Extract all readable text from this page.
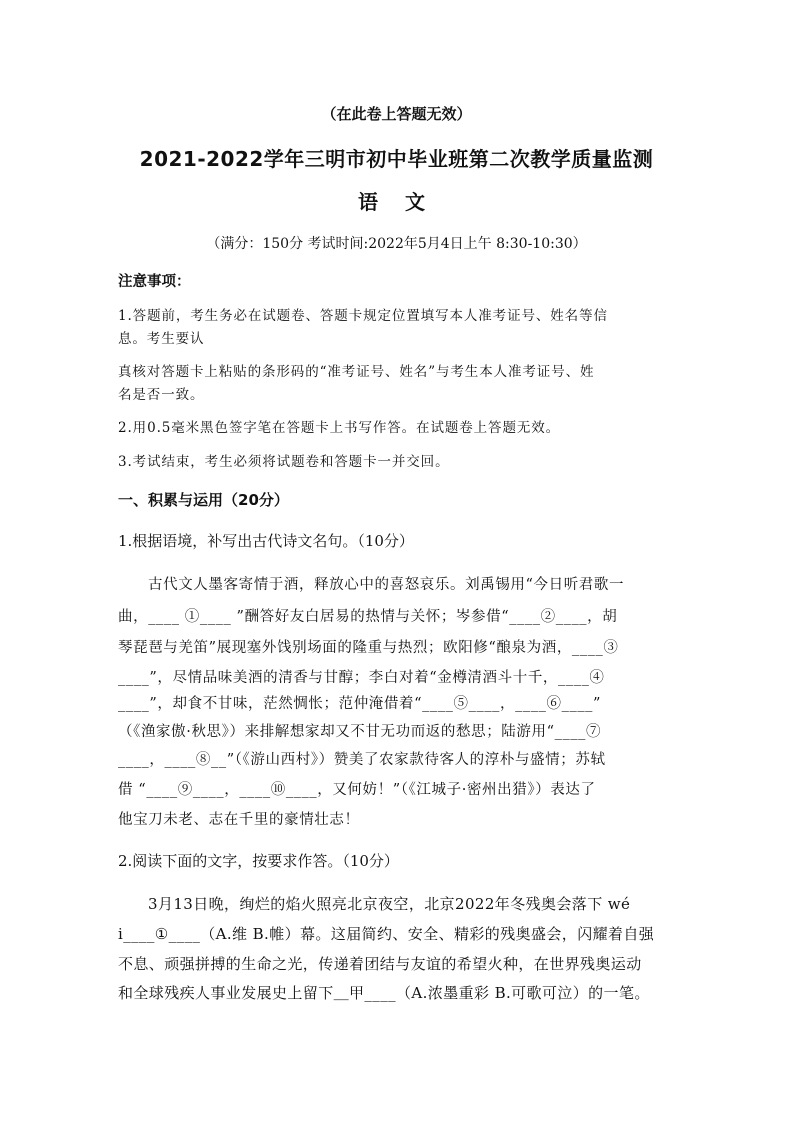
（在此卷上答题无效）
2021-2022学年三明市初中毕业班第二次教学质量监测
语 文
（满分：150分 考试时间:2022年5月4日上午 8:30-10:30）
注意事项：
1.答题前，考生务必在试题卷、答题卡规定位置填写本人准考证号、姓名等信
息。考生要认
真核对答题卡上粘贴的条形码的“准考证号、姓名”与考生本人准考证号、姓
名是否一致。
2.用0.5毫米黑色签字笔在答题卡上书写作答。在试题卷上答题无效。
3.考试结束，考生必须将试题卷和答题卡一并交回。
一、积累与运用（20分）
1.根据语境，补写出古代诗文名句。（10分）
古代文人墨客寄情于酒，释放心中的喜怒哀乐。刘禹锡用“今日听君歌一
曲，____ ①____ ”酬答好友白居易的热情与关怀；岑参借“____②____，胡
琴琵琶与羌笛”展现塞外饯别场面的隆重与热烈；欧阳修“酿泉为酒，____③
____”，尽情品味美酒的清香与甘醇；李白对着“金樽清酒斗十千，____④
____”，却食不甘味，茫然惆怅；范仲淹借着“____⑤____，____⑥____”
（《渔家傲·秋思》）来排解想家却又不甘无功而返的愁思；陆游用“____⑦
____，____⑧__”（《游山西村》）赞美了农家款待客人的淳朴与盛情；苏轼
借 “____⑨____，____⑩____，又何妨！”（《江城子·密州出猎》）表达了
他宝刀未老、志在千里的豪情壮志！
2.阅读下面的文字，按要求作答。（10分）
3月13日晚，绚烂的焰火照亮北京夜空，北京2022年冬残奥会落下 wé
i____①____（A.维 B.帷）幕。这届简约、安全、精彩的残奥盛会，闪耀着自强
不息、顽强拼搏的生命之光，传递着团结与友谊的希望火种，在世界残奥运动
和全球残疾人事业发展史上留下＿甲____（A.浓墨重彩 B.可歌可泣）的一笔。
